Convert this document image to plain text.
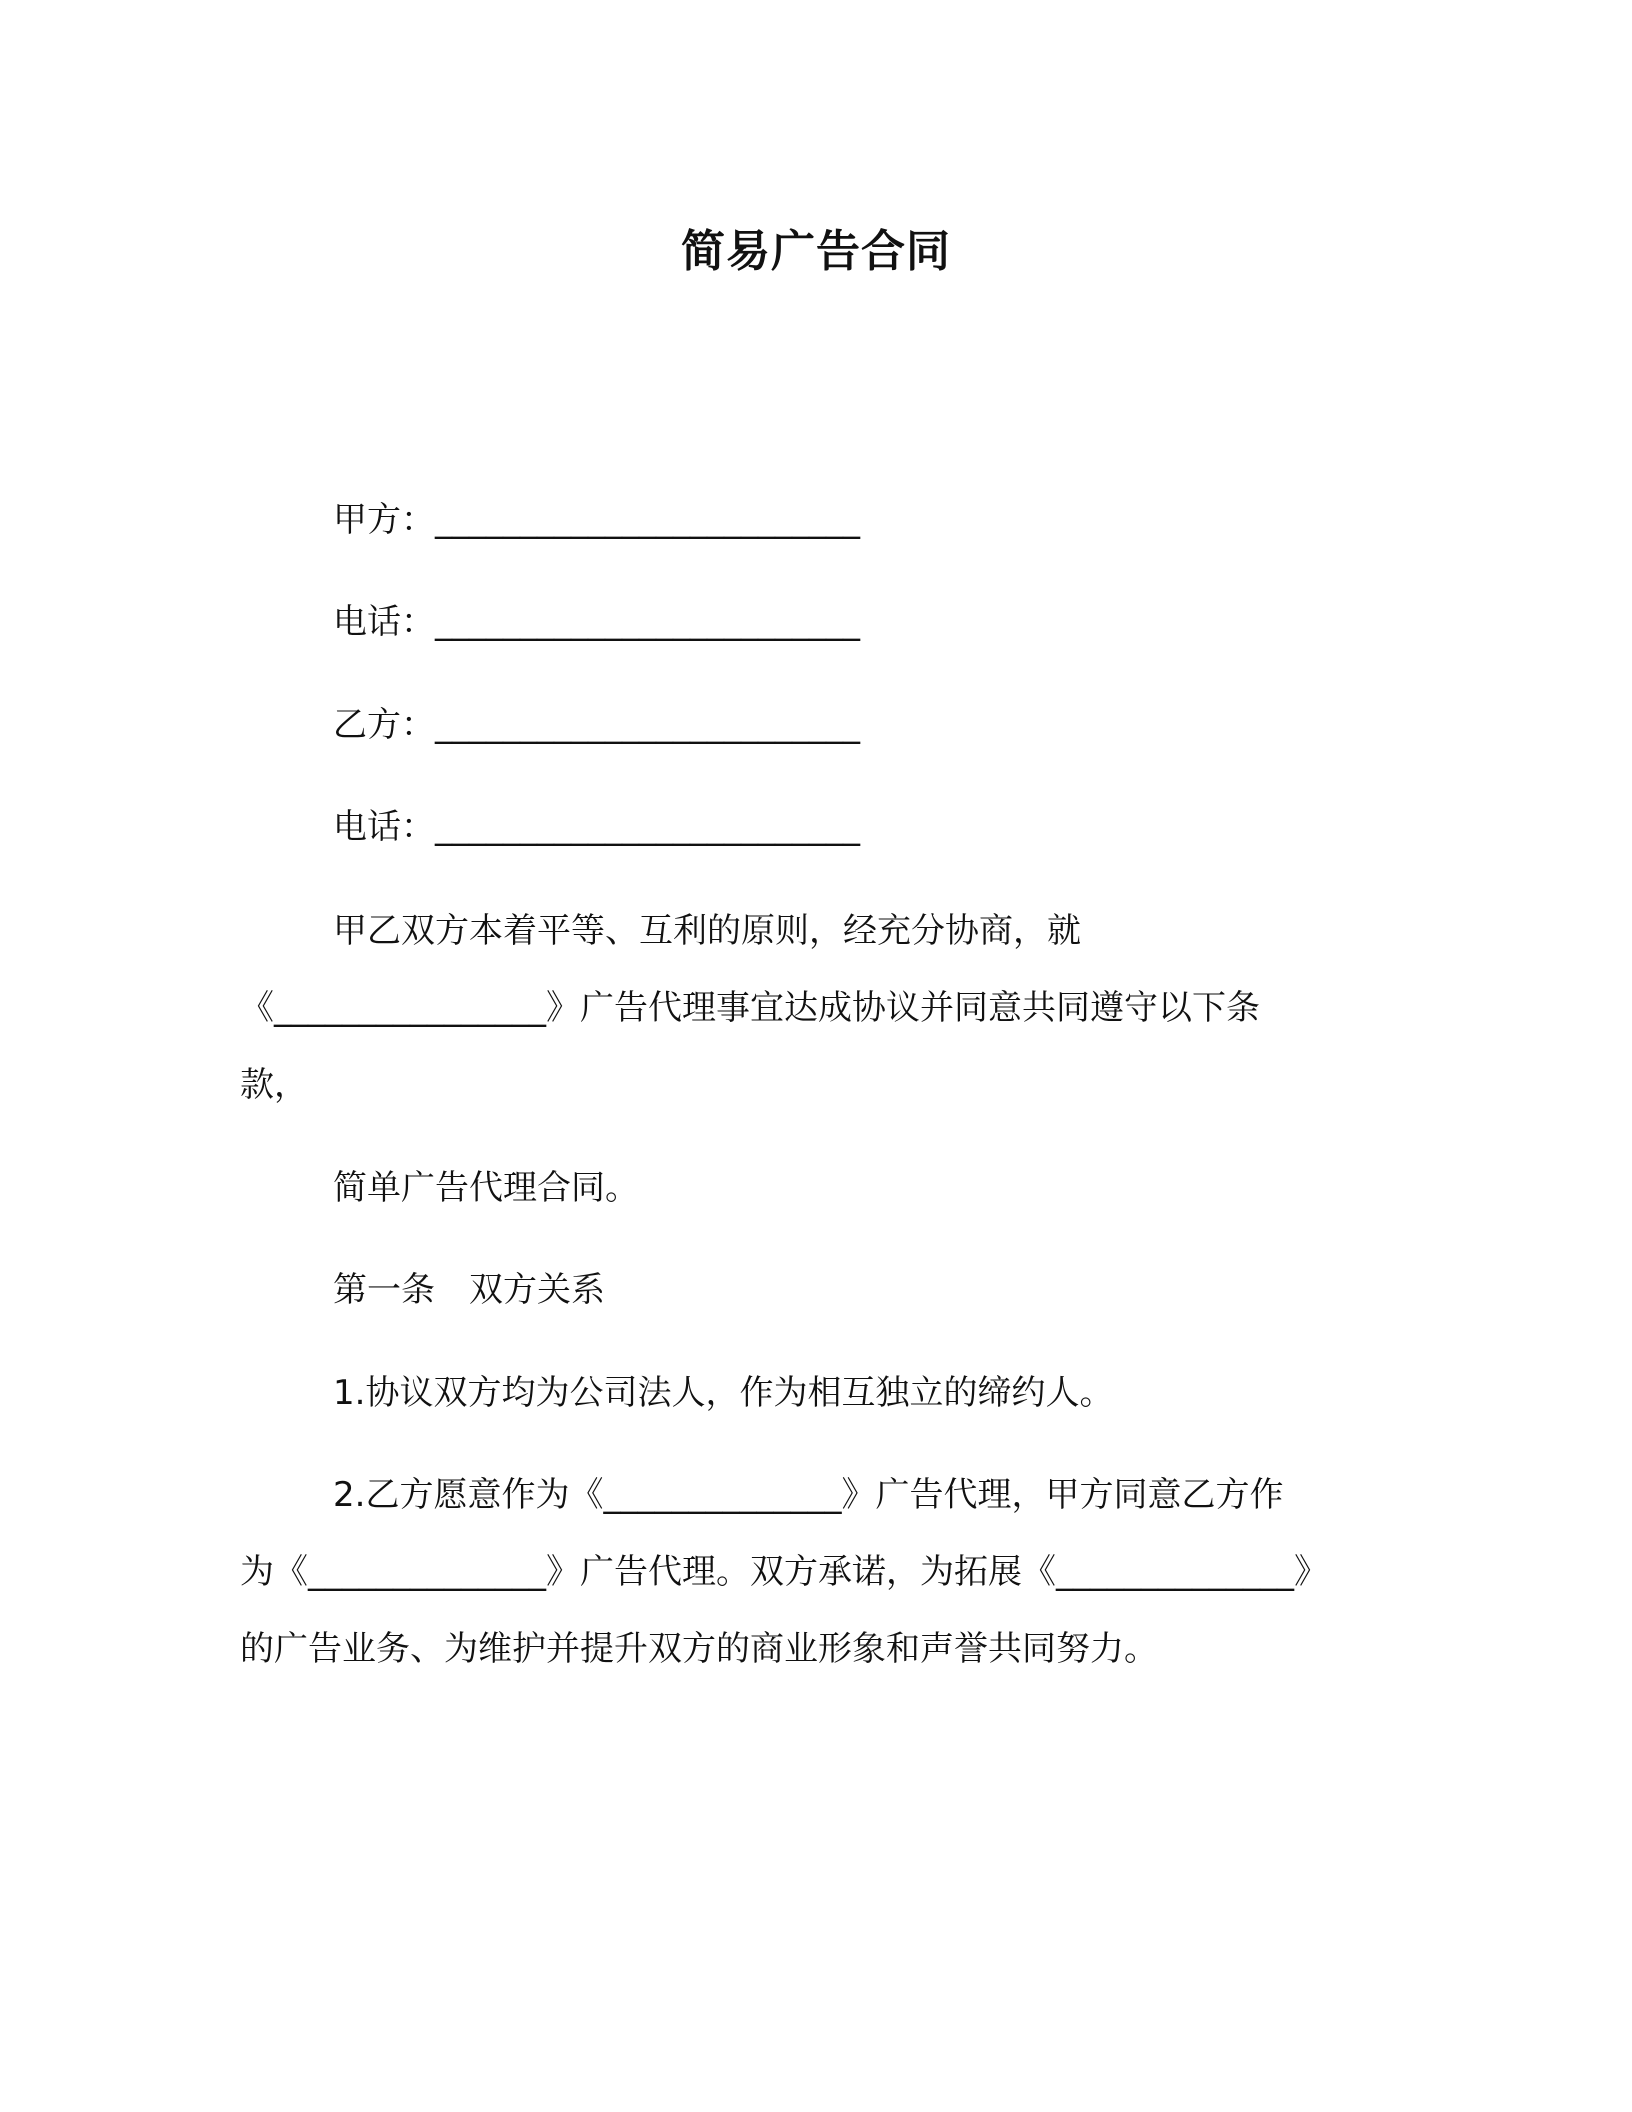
简易广告合同
甲方：_________________________
电话：_________________________
乙方：_________________________
电话：_________________________
甲乙双方本着平等、互利的原则，经充分协商，就
《________________》广告代理事宜达成协议并同意共同遵守以下条
款，
简单广告代理合同。
第一条　双方关系
1.协议双方均为公司法人，作为相互独立的缔约人。
2.乙方愿意作为《______________》广告代理，甲方同意乙方作
为《______________》广告代理。双方承诺，为拓展《______________》
的广告业务、为维护并提升双方的商业形象和声誉共同努力。
